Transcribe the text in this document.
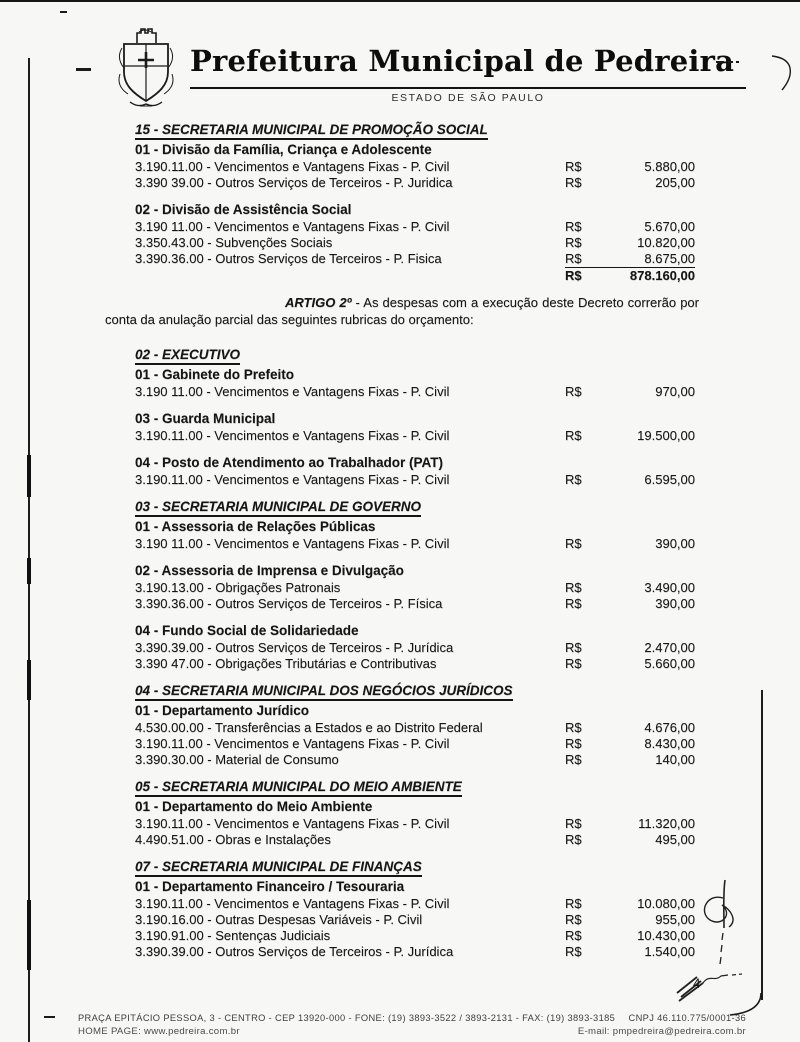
Prefeitura Municipal de Pedreira
ESTADO DE SÃO PAULO
15 - SECRETARIA MUNICIPAL DE PROMOÇÃO SOCIAL
01 - Divisão da Família, Criança e Adolescente
3.190.11.00 - Vencimentos e Vantagens Fixas - P. Civil	R$	5.880,00
3.390 39.00 - Outros Serviços de Terceiros - P. Juridica	R$	205,00
02 - Divisão de Assistência Social
3.190 11.00 - Vencimentos e Vantagens Fixas - P. Civil	R$	5.670,00
3.350.43.00 - Subvenções Sociais	R$	10.820,00
3.390.36.00 - Outros Serviços de Terceiros - P. Fisica	R$	8.675,00
R$	878.160,00

ARTIGO 2º - As despesas com a execução deste Decreto correrão por conta da anulação parcial das seguintes rubricas do orçamento:

02 - EXECUTIVO
01 - Gabinete do Prefeito
3.190 11.00 - Vencimentos e Vantagens Fixas - P. Civil	R$	970,00
03 - Guarda Municipal
3.190.11.00 - Vencimentos e Vantagens Fixas - P. Civil	R$	19.500,00
04 - Posto de Atendimento ao Trabalhador (PAT)
3.190.11.00 - Vencimentos e Vantagens Fixas - P. Civil	R$	6.595,00
03 - SECRETARIA MUNICIPAL DE GOVERNO
01 - Assessoria de Relações Públicas
3.190 11.00 - Vencimentos e Vantagens Fixas - P. Civil	R$	390,00
02 - Assessoria de Imprensa e Divulgação
3.190.13.00 - Obrigações Patronais	R$	3.490,00
3.390.36.00 - Outros Serviços de Terceiros - P. Física	R$	390,00
04 - Fundo Social de Solidariedade
3.390.39.00 - Outros Serviços de Terceiros - P. Jurídica	R$	2.470,00
3.390 47.00 - Obrigações Tributárias e Contributivas	R$	5.660,00
04 - SECRETARIA MUNICIPAL DOS NEGÓCIOS JURÍDICOS
01 - Departamento Jurídico
4.530.00.00 - Transferências a Estados e ao Distrito Federal	R$	4.676,00
3.190.11.00 - Vencimentos e Vantagens Fixas - P. Civil	R$	8.430,00
3.390.30.00 - Material de Consumo	R$	140,00
05 - SECRETARIA MUNICIPAL DO MEIO AMBIENTE
01 - Departamento do Meio Ambiente
3.190.11.00 - Vencimentos e Vantagens Fixas - P. Civil	R$	11.320,00
4.490.51.00 - Obras e Instalações	R$	495,00
07 - SECRETARIA MUNICIPAL DE FINANÇAS
01 - Departamento Financeiro / Tesouraria
3.190.11.00 - Vencimentos e Vantagens Fixas - P. Civil	R$	10.080,00
3.190.16.00 - Outras Despesas Variáveis - P. Civil	R$	955,00
3.190.91.00 - Sentenças Judiciais	R$	10.430,00
3.390.39.00 - Outros Serviços de Terceiros - P. Jurídica	R$	1.540,00
4
PRAÇA EPITÁCIO PESSOA, 3 - CENTRO - CEP 13920-000 - FONE: (19) 3893-3522 / 3893-2131 - FAX: (19) 3893-3185 CNPJ 46.110.775/0001-36
HOME PAGE: www.pedreira.com.br	E-mail: pmpedreira@pedreira.com.br
